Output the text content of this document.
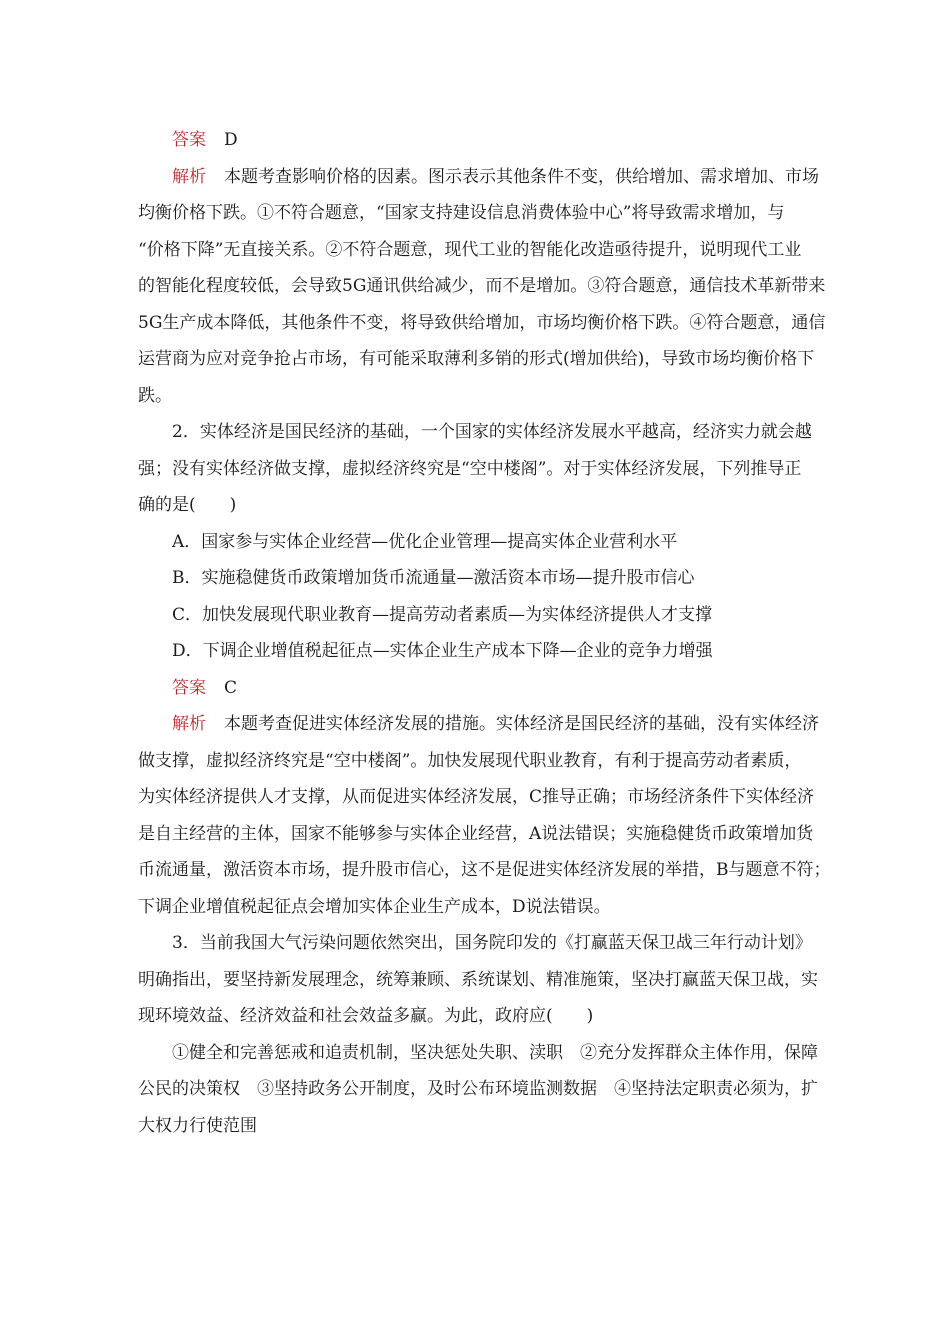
答案 D
解析 本题考查影响价格的因素。图示表示其他条件不变，供给增加、需求增加、市场
均衡价格下跌。①不符合题意，“国家支持建设信息消费体验中心”将导致需求增加，与
“价格下降”无直接关系。②不符合题意，现代工业的智能化改造亟待提升，说明现代工业
的智能化程度较低，会导致5G通讯供给减少，而不是增加。③符合题意，通信技术革新带来
5G生产成本降低，其他条件不变，将导致供给增加，市场均衡价格下跌。④符合题意，通信
运营商为应对竞争抢占市场，有可能采取薄利多销的形式(增加供给)，导致市场均衡价格下
跌。
2．实体经济是国民经济的基础，一个国家的实体经济发展水平越高，经济实力就会越
强；没有实体经济做支撑，虚拟经济终究是“空中楼阁”。对于实体经济发展，下列推导正
确的是(　　)
A．国家参与实体企业经营—优化企业管理—提高实体企业营利水平
B．实施稳健货币政策增加货币流通量—激活资本市场—提升股市信心
C．加快发展现代职业教育—提高劳动者素质—为实体经济提供人才支撑
D．下调企业增值税起征点—实体企业生产成本下降—企业的竞争力增强
答案 C
解析 本题考查促进实体经济发展的措施。实体经济是国民经济的基础，没有实体经济
做支撑，虚拟经济终究是“空中楼阁”。加快发展现代职业教育，有利于提高劳动者素质，
为实体经济提供人才支撑，从而促进实体经济发展，C推导正确；市场经济条件下实体经济
是自主经营的主体，国家不能够参与实体企业经营，A说法错误；实施稳健货币政策增加货
币流通量，激活资本市场，提升股市信心，这不是促进实体经济发展的举措，B与题意不符；
下调企业增值税起征点会增加实体企业生产成本，D说法错误。
3．当前我国大气污染问题依然突出，国务院印发的《打赢蓝天保卫战三年行动计划》
明确指出，要坚持新发展理念，统筹兼顾、系统谋划、精准施策，坚决打赢蓝天保卫战，实
现环境效益、经济效益和社会效益多赢。为此，政府应(　　)
①健全和完善惩戒和追责机制，坚决惩处失职、渎职　②充分发挥群众主体作用，保障
公民的决策权　③坚持政务公开制度，及时公布环境监测数据　④坚持法定职责必须为，扩
大权力行使范围
